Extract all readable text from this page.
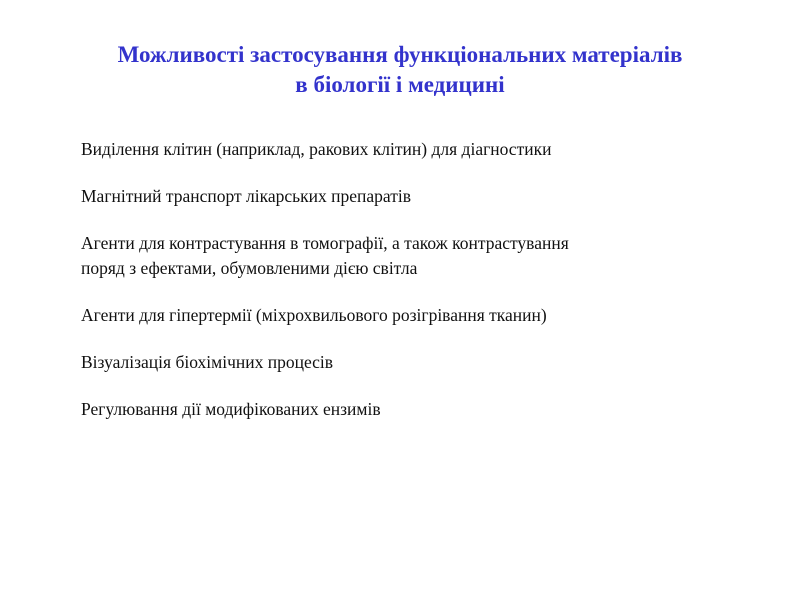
Можливості застосування функціональних матеріалів
в біології і медицині
Виділення клітин (наприклад, ракових клітин) для діагностики
Магнітний транспорт лікарських препаратів
Агенти для контрастування в томографії, а також контрастування
поряд з ефектами, обумовленими дією світла
Агенти для гіпертермії (міхрохвильового розігрівання тканин)
Візуалізація біохімічних процесів
Регулювання дії модифікованих ензимів
